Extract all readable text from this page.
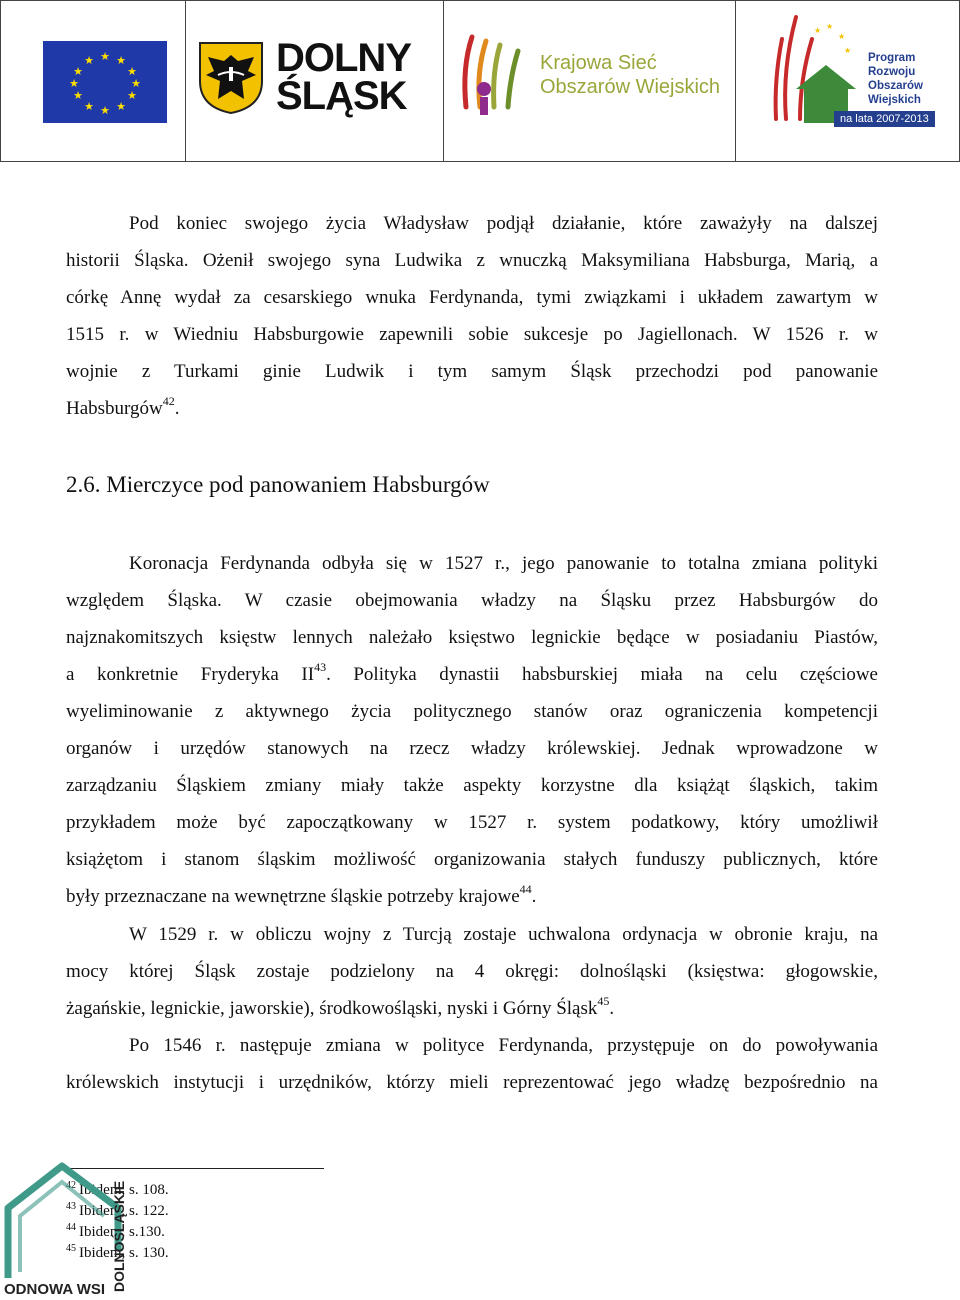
★ ★
★
★
★
★
★
★
★
★
★
★	DOLNY
ŚLĄSK
Krajowa Sieć
Obszarów Wiejskich
★
★
★
★
Program
Rozwoju
Obszarów
Wiejskich
na lata 2007-2013
Pod koniec swojego życia Władysław podjął działanie, które zaważyły na dalszej
historii Śląska. Ożenił swojego syna Ludwika z wnuczką Maksymiliana Habsburga, Marią, a
córkę Annę wydał za cesarskiego wnuka Ferdynanda, tymi związkami i układem zawartym w
1515 r. w Wiedniu Habsburgowie zapewnili sobie sukcesje po Jagiellonach. W 1526 r. w
wojnie z Turkami ginie Ludwik i tym samym Śląsk przechodzi pod panowanie
Habsburgów$^{42}$.
2.6. Mierczyce pod panowaniem Habsburgów
Koronacja Ferdynanda odbyła się w 1527 r., jego panowanie to totalna zmiana polityki
względem Śląska. W czasie obejmowania władzy na Śląsku przez Habsburgów do
najznakomitszych księstw lennych należało księstwo legnickie będące w posiadaniu Piastów,
a konkretnie Fryderyka II$^{43}$. Polityka dynastii habsburskiej miała na celu częściowe
wyeliminowanie z aktywnego życia politycznego stanów oraz ograniczenia kompetencji
organów i urzędów stanowych na rzecz władzy królewskiej. Jednak wprowadzone w
zarządzaniu Śląskiem zmiany miały także aspekty korzystne dla książąt śląskich, takim
przykładem może być zapoczątkowany w 1527 r. system podatkowy, który umożliwił
książętom i stanom śląskim możliwość organizowania stałych funduszy publicznych, które
były przeznaczane na wewnętrzne śląskie potrzeby krajowe$^{44}$.
W 1529 r. w obliczu wojny z Turcją zostaje uchwalona ordynacja w obronie kraju, na
mocy której Śląsk zostaje podzielony na 4 okręgi: dolnośląski (księstwa: głogowskie,
żagańskie, legnickie, jaworskie), środkowośląski, nyski i Górny Śląsk$^{45}$.
Po 1546 r. następuje zmiana w polityce Ferdynanda, przystępuje on do powoływania
królewskich instytucji i urzędników, którzy mieli reprezentować jego władzę bezpośrednio na
$^{42}$ Ibidem, s. 108.
$^{43}$ Ibidem, s. 122.
$^{44}$ Ibidem, s.130.
$^{45}$ Ibidem, s. 130.
ODNOWA WSI DOLNOŚLĄSKIE
